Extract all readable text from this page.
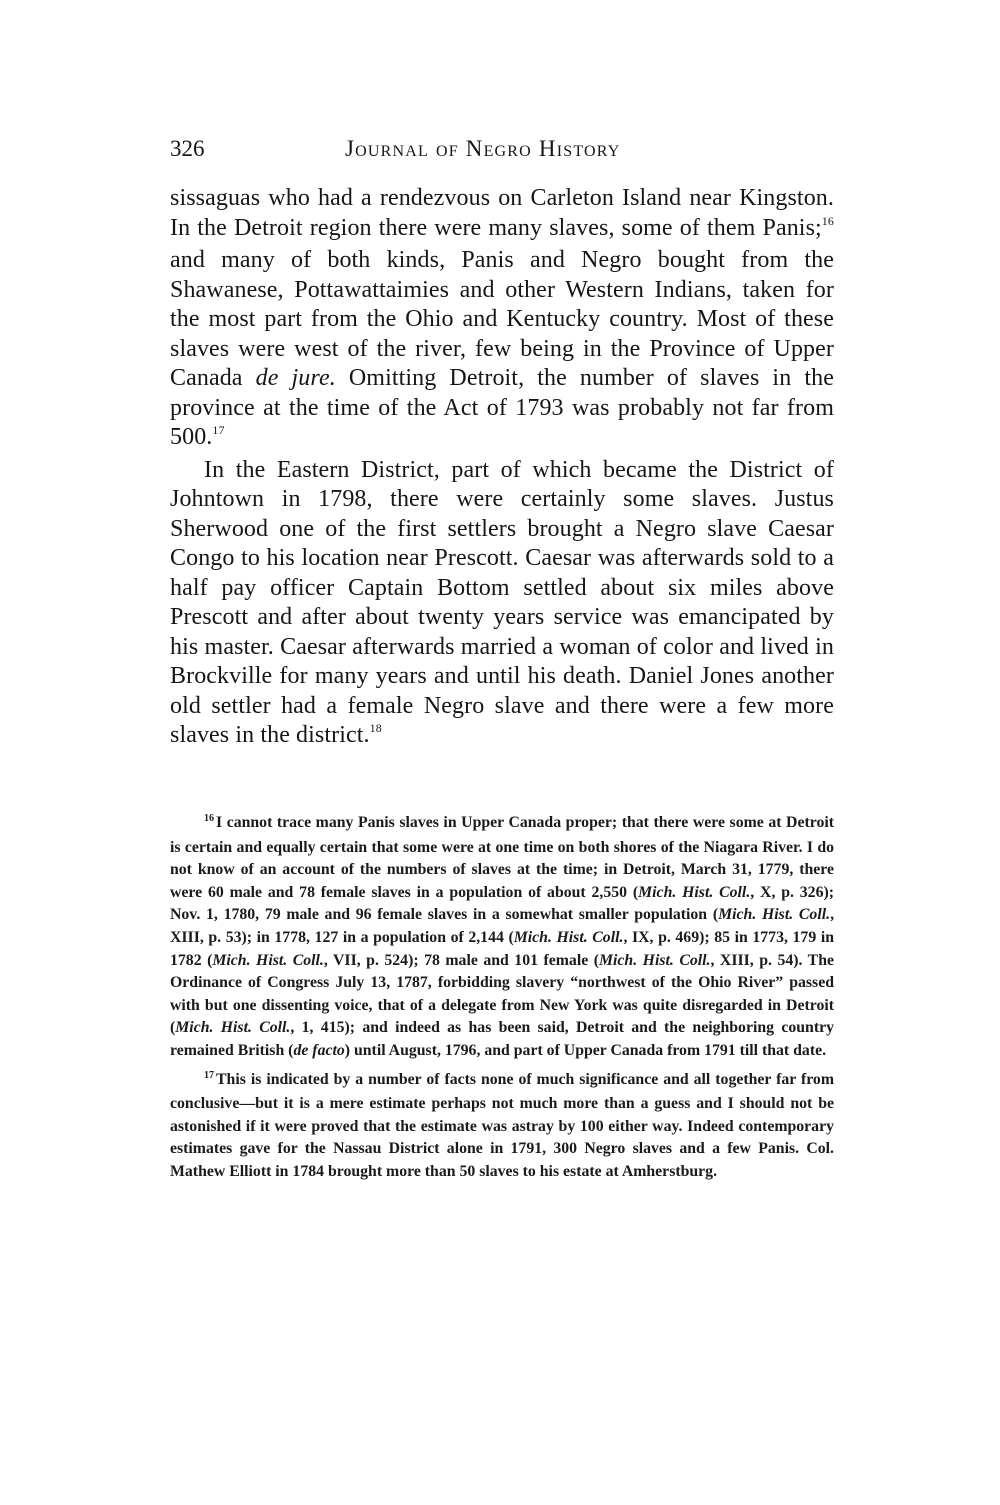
326	Journal of Negro History

sissaguas who had a rendezvous on Carleton Island near Kingston. In the Detroit region there were many slaves, some of them Panis;$^{16}$ and many of both kinds, Panis and Negro bought from the Shawanese, Pottawattaimies and other Western Indians, taken for the most part from the Ohio and Kentucky country. Most of these slaves were west of the river, few being in the Province of Upper Canada de jure. Omitting Detroit, the number of slaves in the province at the time of the Act of 1793 was probably not far from 500.17

In the Eastern District, part of which became the District of Johntown in 1798, there were certainly some slaves. Justus Sherwood one of the first settlers brought a Negro slave Caesar Congo to his location near Prescott. Caesar was afterwards sold to a half pay officer Captain Bottom settled about six miles above Prescott and after about twenty years service was emancipated by his master. Caesar afterwards married a woman of color and lived in Brockville for many years and until his death. Daniel Jones another old settler had a female Negro slave and there were a few more slaves in the district.$^{18}$

$^{16}$ I cannot trace many Panis slaves in Upper Canada proper; that there were some at Detroit is certain and equally certain that some were at one time on both shores of the Niagara River. I do not know of an account of the numbers of slaves at the time; in Detroit, March 31, 1779, there were 60 male and 78 female slaves in a population of about 2,550 (Mich. Hist. Coll., X, p. 326); Nov. 1, 1780, 79 male and 96 female slaves in a somewhat smaller population (Mich. Hist. Coll., XIII, p. 53); in 1778, 127 in a population of 2,144 (Mich. Hist. Coll., IX, p. 469); 85 in 1773, 179 in 1782 (Mich. Hist. Coll., VII, p. 524); 78 male and 101 female (Mich. Hist. Coll., XIII, p. 54). The Ordinance of Congress July 13, 1787, forbidding slavery “northwest of the Ohio River” passed with but one dissenting voice, that of a delegate from New York was quite disregarded in Detroit (Mich. Hist. Coll., 1, 415); and indeed as has been said, Detroit and the neighboring country remained British (de facto) until August, 1796, and part of Upper Canada from 1791 till that date.

$^{17}$ This is indicated by a number of facts none of much significance and all together far from conclusive—but it is a mere estimate perhaps not much more than a guess and I should not be astonished if it were proved that the estimate was astray by 100 either way. Indeed contemporary estimates gave for the Nassau District alone in 1791, 300 Negro slaves and a few Panis. Col. Mathew Elliott in 1784 brought more than 50 slaves to his estate at Amherstburg.
